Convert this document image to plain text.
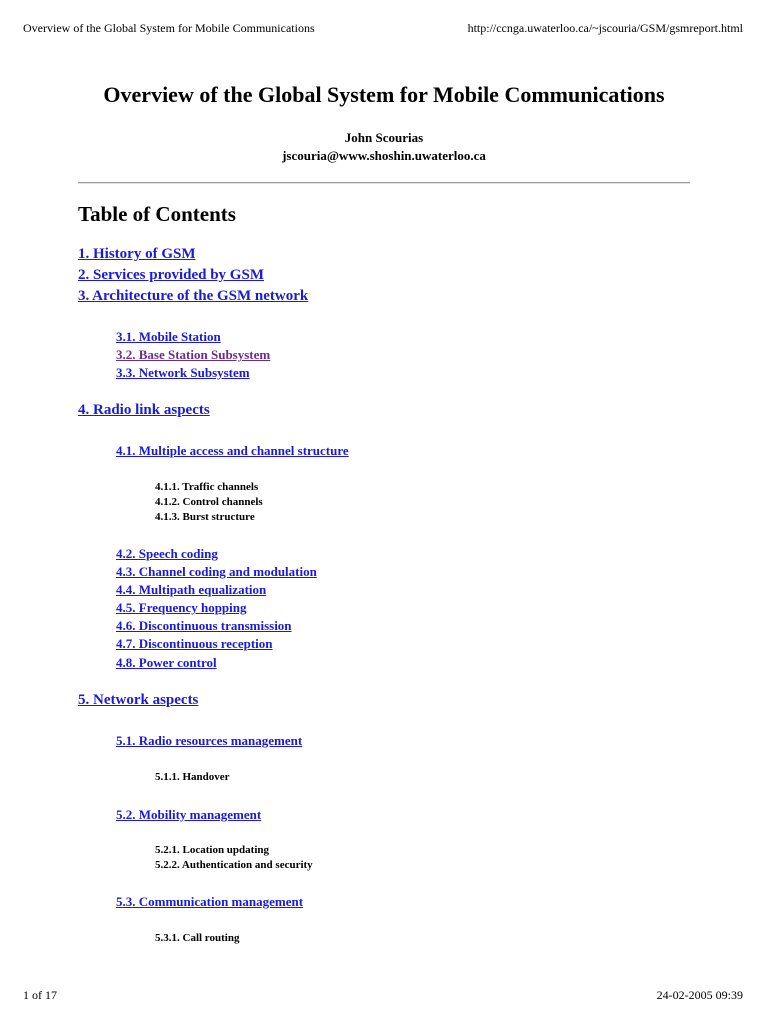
Overview of the Global System for Mobile Communications	http://ccnga.uwaterloo.ca/~jscouria/GSM/gsmreport.html
Overview of the Global System for Mobile Communications
John Scourias
jscouria@www.shoshin.uwaterloo.ca
Table of Contents
1. History of GSM
2. Services provided by GSM
3. Architecture of the GSM network
3.1. Mobile Station
3.2. Base Station Subsystem
3.3. Network Subsystem
4. Radio link aspects
4.1. Multiple access and channel structure
4.1.1. Traffic channels
4.1.2. Control channels
4.1.3. Burst structure
4.2. Speech coding
4.3. Channel coding and modulation
4.4. Multipath equalization
4.5. Frequency hopping
4.6. Discontinuous transmission
4.7. Discontinuous reception
4.8. Power control
5. Network aspects
5.1. Radio resources management
5.1.1. Handover
5.2. Mobility management
5.2.1. Location updating
5.2.2. Authentication and security
5.3. Communication management
5.3.1. Call routing
1 of 17	24-02-2005 09:39
